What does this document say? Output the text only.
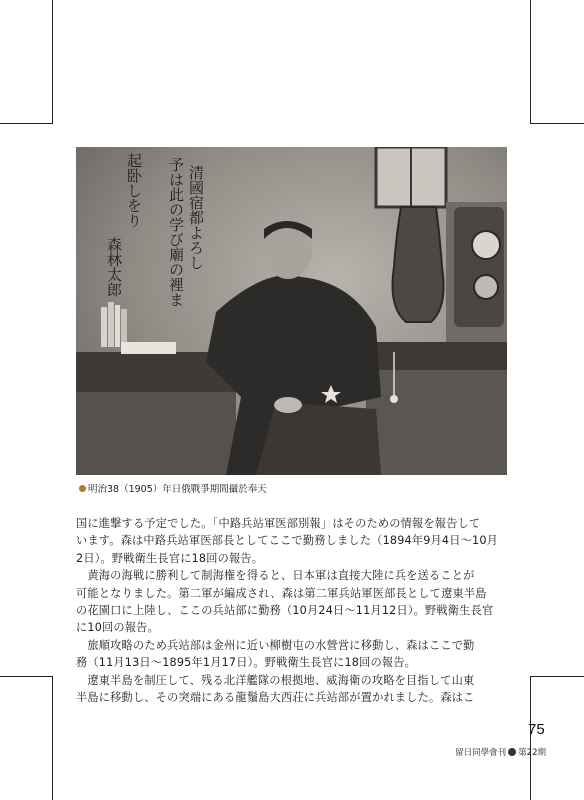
清國宿都よろし
予は此の学び廟の裡ま
起卧しをり
森林太郎
明治38（1905）年日俄戰爭期間攝於奉天

国に進撃する予定でした。「中路兵站軍医部別報」はそのための情報を報告して

います。森は中路兵站軍医部長としてここで勤務しました（1894年9月4日〜10月

2日）。野戦衛生長官に18回の報告。

　黄海の海戦に勝利して制海権を得ると、日本軍は直接大陸に兵を送ることが

可能となりました。第二軍が編成され、森は第二軍兵站軍医部長として遼東半島

の花園口に上陸し、ここの兵站部に勤務（10月24日〜11月12日）。野戦衛生長官

に10回の報告。

　旅順攻略のため兵站部は金州に近い柳樹屯の水營営に移動し、森はここで勤

務（11月13日〜1895年1月17日）。野戦衛生長官に18回の報告。

　遼東半島を制圧して、残る北洋艦隊の根拠地、威海衛の攻略を目指して山東

半島に移動し、その突端にある龍鬚島大西荘に兵站部が置かれました。森はこ

75
留日同學會刊 第22期
